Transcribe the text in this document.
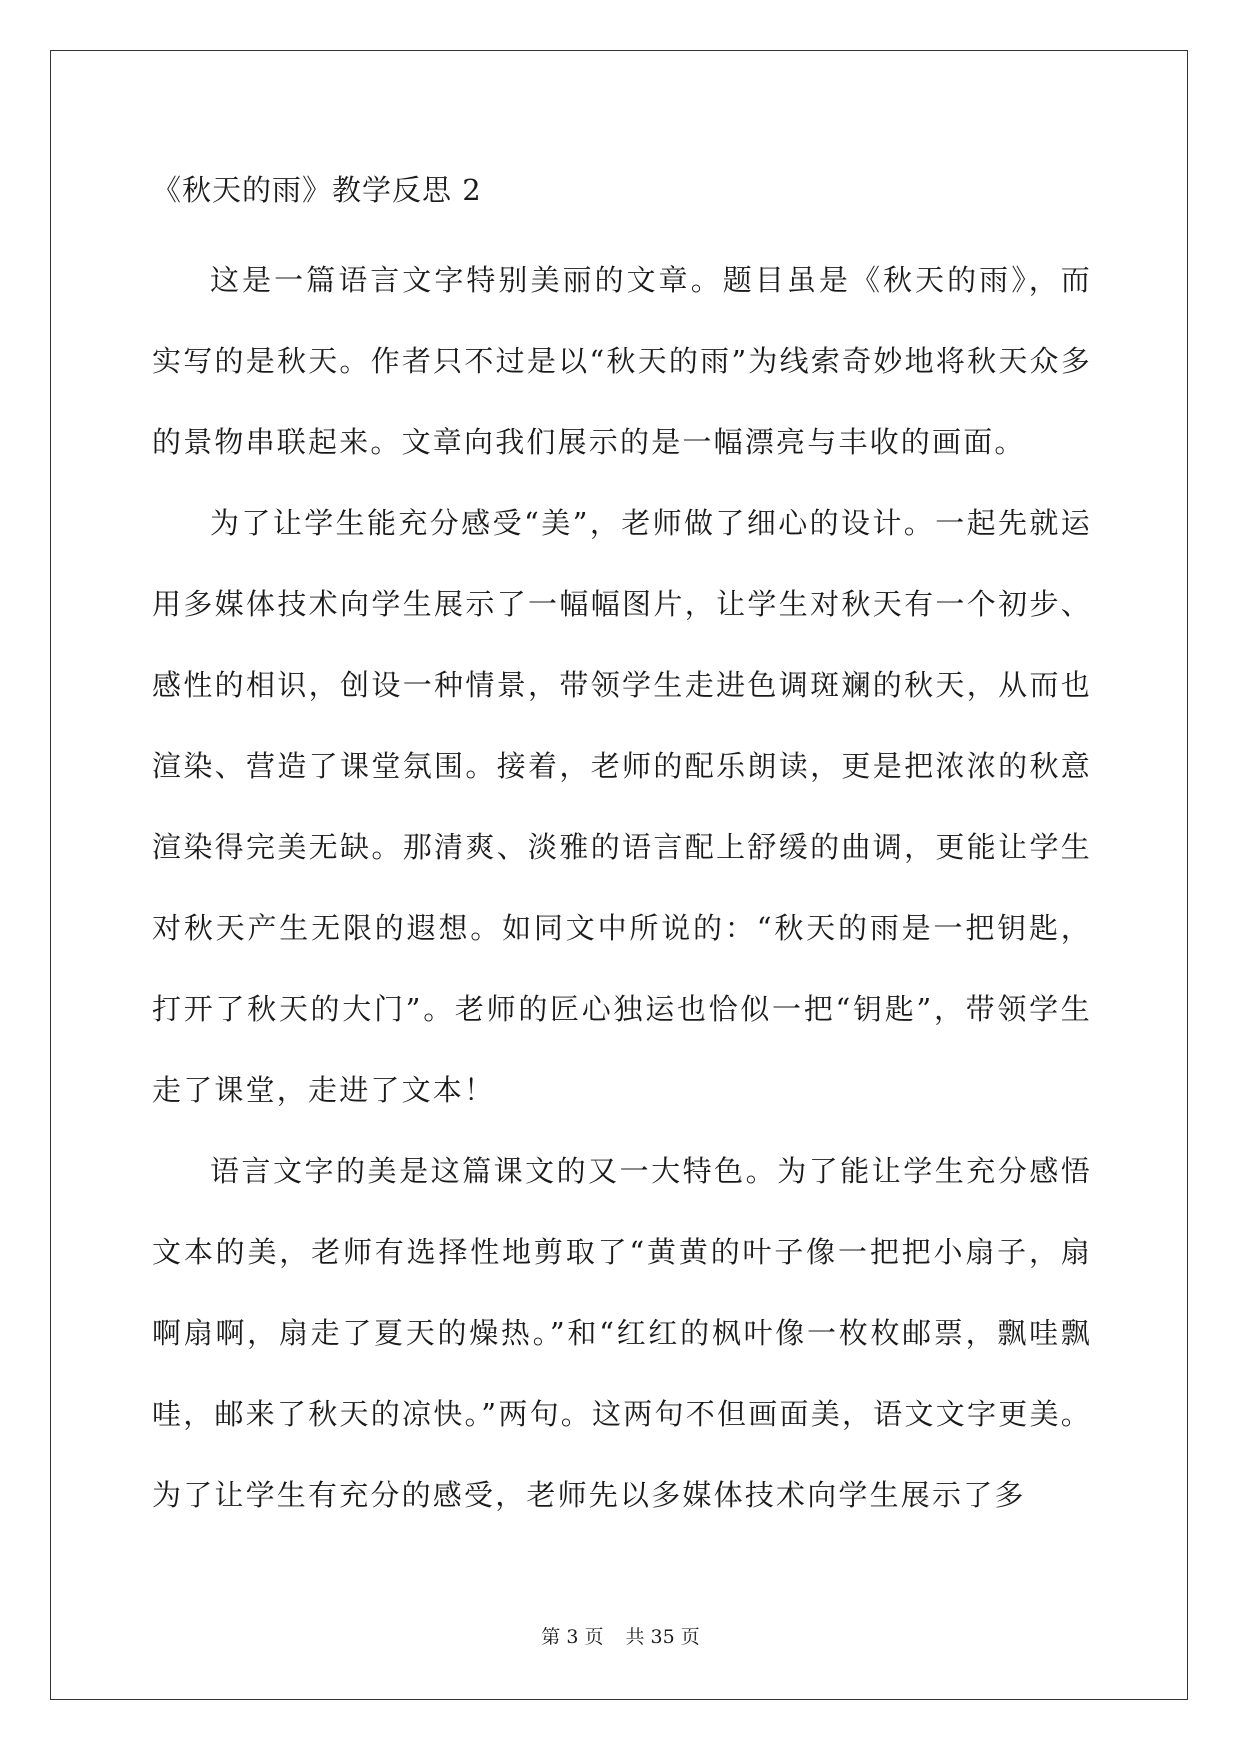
《秋天的雨》教学反思 2

这是一篇语言文字特别美丽的文章。题目虽是《秋天的雨》，而实写的是秋天。作者只不过是以“秋天的雨”为线索奇妙地将秋天众多的景物串联起来。文章向我们展示的是一幅漂亮与丰收的画面。

为了让学生能充分感受“美”，老师做了细心的设计。一起先就运用多媒体技术向学生展示了一幅幅图片，让学生对秋天有一个初步、感性的相识，创设一种情景，带领学生走进色调斑斓的秋天，从而也渲染、营造了课堂氛围。接着，老师的配乐朗读，更是把浓浓的秋意渲染得完美无缺。那清爽、淡雅的语言配上舒缓的曲调，更能让学生对秋天产生无限的遐想。如同文中所说的：“秋天的雨是一把钥匙，打开了秋天的大门”。老师的匠心独运也恰似一把“钥匙”，带领学生走了课堂，走进了文本！

语言文字的美是这篇课文的又一大特色。为了能让学生充分感悟文本的美，老师有选择性地剪取了“黄黄的叶子像一把把小扇子，扇啊扇啊，扇走了夏天的燥热。”和“红红的枫叶像一枚枚邮票，飘哇飘哇，邮来了秋天的凉快。”两句。这两句不但画面美，语文文字更美。为了让学生有充分的感受，老师先以多媒体技术向学生展示了多

第 3 页 共 35 页
